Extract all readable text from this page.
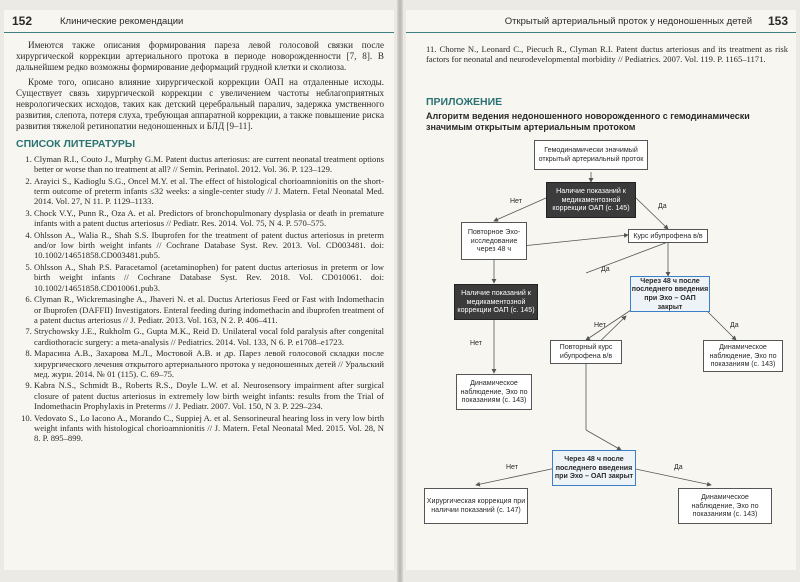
152	Клинические рекомендации

Имеются также описания формирования пареза левой голосовой связки после хирургической коррекции артериального протока в периоде новорожденности [7, 8]. В дальнейшем редко возможны формирование деформаций грудной клетки и сколиоза.

Кроме того, описано влияние хирургической коррекции ОАП на отдаленные исходы. Существует связь хирургической коррекции с увеличением частоты неблагоприятных неврологических исходов, таких как детский церебральный паралич, задержка умственного развития, слепота, потеря слуха, требующая аппаратной коррекции, а также повышение риска развития тяжелой ретинопатии недоношенных и БЛД [9–11].

СПИСОК ЛИТЕРАТУРЫ
1. Clyman R.I., Couto J., Murphy G.M. Patent ductus arteriosus: are current neonatal treatment options better or worse than no treatment at all? // Semin. Perinatol. 2012. Vol. 36. P. 123–129.
2. Arayici S., Kadioglu S.G., Oncel M.Y. et al. The effect of histological chorioamnionitis on the short-term outcome of preterm infants ≤32 weeks: a single-center study // J. Matern. Fetal Neonatal Med. 2014. Vol. 27, N 11. P. 1129–1133.
3. Chock V.Y., Punn R., Oza A. et al. Predictors of bronchopulmonary dysplasia or death in premature infants with a patent ductus arteriosus // Pediatr. Res. 2014. Vol. 75, N 4. P. 570–575.
4. Ohlsson A., Walia R., Shah S.S. Ibuprofen for the treatment of patent ductus arteriosus in preterm and/or low birth weight infants // Cochrane Database Syst. Rev. 2013. Vol. CD003481. doi: 10.1002/14651858.CD003481.pub5.
5. Ohlsson A., Shah P.S. Paracetamol (acetaminophen) for patent ductus arteriosus in preterm or low birth weight infants // Cochrane Database Syst. Rev. 2018. Vol. CD010061. doi: 10.1002/14651858.CD010061.pub3.
6. Clyman R., Wickremasinghe A., Jhaveri N. et al. Ductus Arteriosus Feed or Fast with Indomethacin or Ibuprofen (DAFFII) Investigators. Enteral feeding during indomethacin and ibuprofen treatment of a patent ductus arteriosus // J. Pediatr. 2013. Vol. 163, N 2. P. 406–411.
7. Strychowsky J.E., Rukholm G., Gupta M.K., Reid D. Unilateral vocal fold paralysis after congenital cardiothoracic surgery: a meta-analysis // Pediatrics. 2014. Vol. 133, N 6. P. e1708–e1723.
8. Марасина А.В., Захарова М.Л., Мостовой А.В. и др. Парез левой голосовой складки после хирургического лечения открытого артериального протока у недоношенных детей // Уральский мед. журн. 2014. № 01 (115). С. 69–75.
9. Kabra N.S., Schmidt B., Roberts R.S., Doyle L.W. et al. Neurosensory impairment after surgical closure of patent ductus arteriosus in extremely low birth weight infants: results from the Trial of Indomethacin Prophylaxis in Preterms // J. Pediatr. 2007. Vol. 150, N 3. P. 229–234.
10. Vedovato S., Lo Iacono A., Morando C., Suppiej A. et al. Sensorineural hearing loss in very low birth weight infants with histological chorioamnionitis // J. Matern. Fetal Neonatal Med. 2015. Vol. 28, N 8. P. 895–899.
Открытый артериальный проток у недоношенных детей 153
11. Chorne N., Leonard C., Piecuch R., Clyman R.I. Patent ductus arteriosus and its treatment as risk factors for neonatal and neurodevelopmental morbidity // Pediatrics. 2007. Vol. 119. P. 1165–1171.
ПРИЛОЖЕНИЕ
Алгоритм ведения недоношенного новорожденного с гемодинамически значимым открытым артериальным протоком
Гемодинамически значимый открытый артериальный проток
Наличие показаний к медикаментозной коррекции ОАП (с. 145)
Повторное Эхо-исследование через 48 ч
Курс ибупрофена в/в
Наличие показаний к медикаментозной коррекции ОАП (с. 145)
Через 48 ч после последнего введения при Эхо – ОАП закрыт
Повторный курс ибупрофена в/в
Динамическое наблюдение, Эхо по показаниям (с. 143)
Динамическое наблюдение, Эхо по показаниям (с. 143)
Через 48 ч после последнего введения при Эхо – ОАП закрыт
Хирургическая коррекция при наличии показаний (с. 147)
Динамическое наблюдение, Эхо по показаниям (с. 143)
Нет
Да
Да
Нет
Нет	Да
Нет	Да
